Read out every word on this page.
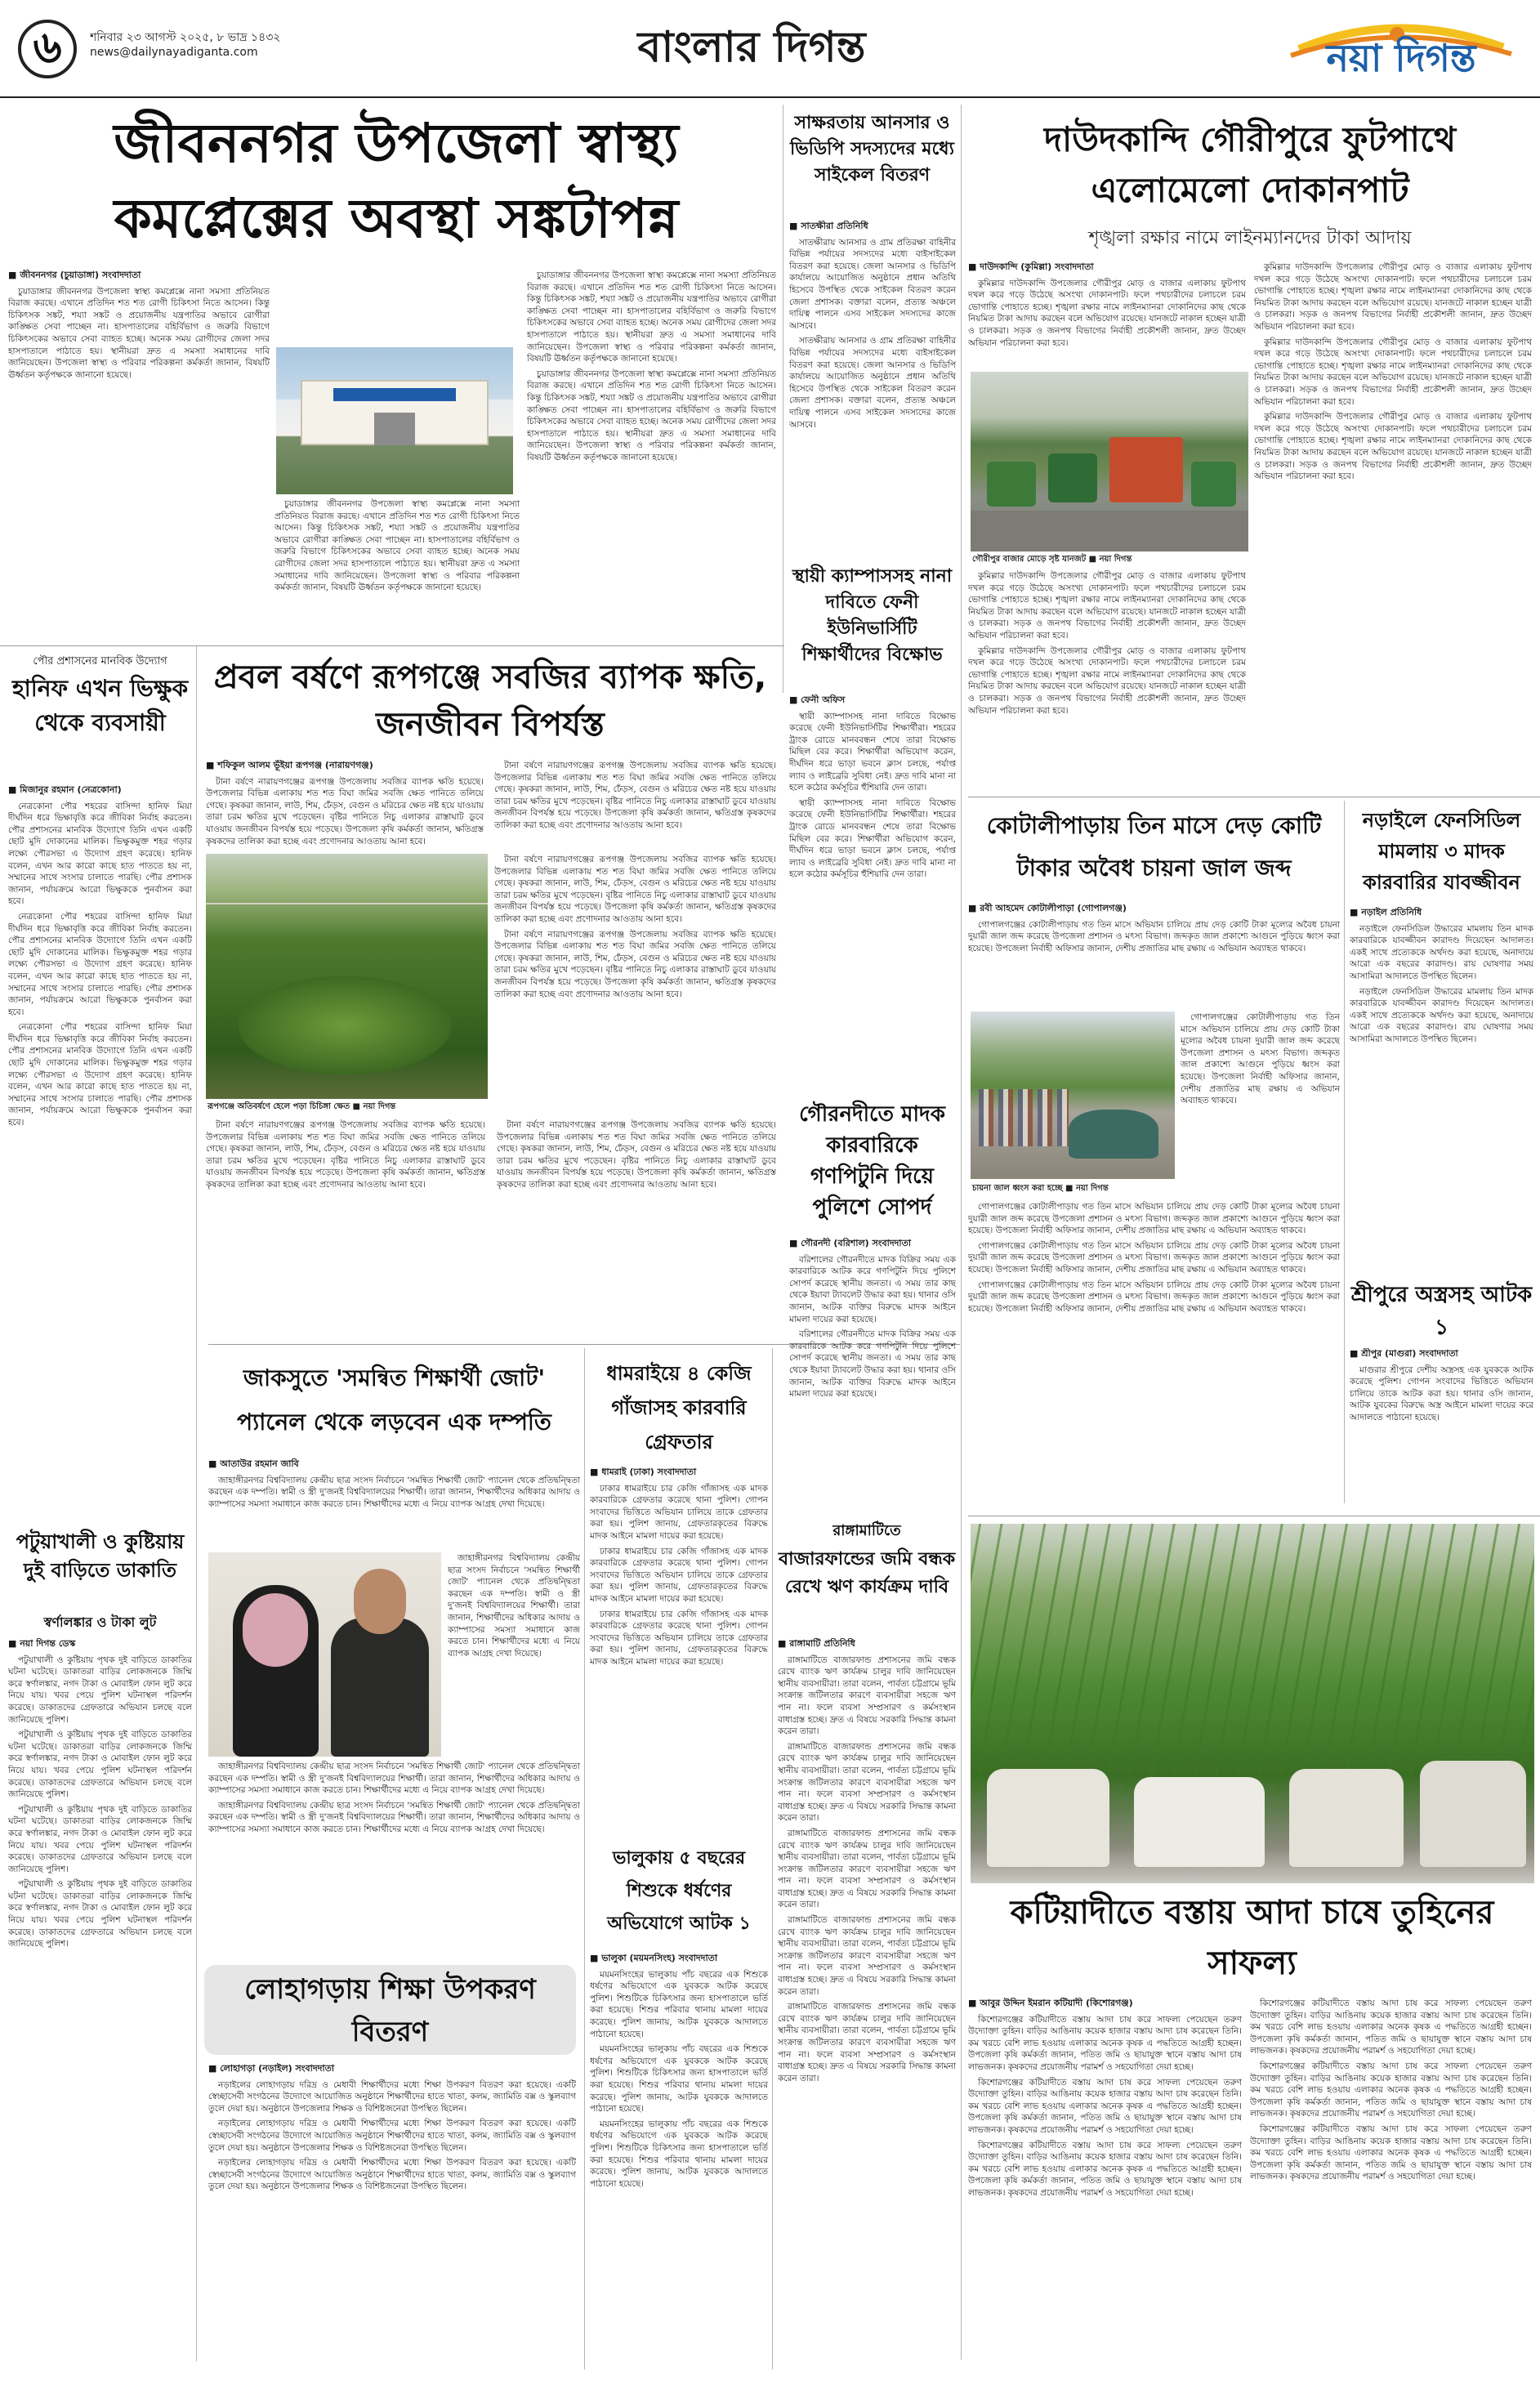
৬	শনিবার ২৩ আগস্ট ২০২৫, ৮ ভাদ্র ১৪৩২
news@dailynayadiganta.com	বাংলার দিগন্ত	নয়া দিগন্ত
জীবননগর উপজেলা স্বাস্থ্য কমপ্লেক্সের অবস্থা সঙ্কটাপন্ন
■ জীবননগর (চুয়াডাঙ্গা) সংবাদদাতা

চুয়াডাঙ্গার জীবননগর উপজেলা স্বাস্থ্য কমপ্লেক্সে নানা সমস্যা প্রতিনিয়ত বিরাজ করছে। এখানে প্রতিদিন শত শত রোগী চিকিৎসা নিতে আসেন। কিন্তু চিকিৎসক সঙ্কট, শয্যা সঙ্কট ও প্রয়োজনীয় যন্ত্রপাতির অভাবে রোগীরা কাঙ্ক্ষিত সেবা পাচ্ছেন না। হাসপাতালের বহির্বিভাগ ও জরুরি বিভাগে চিকিৎসকের অভাবে সেবা ব্যাহত হচ্ছে। অনেক সময় রোগীদের জেলা সদর হাসপাতালে পাঠাতে হয়। স্থানীয়রা দ্রুত এ সমস্যা সমাধানের দাবি জানিয়েছেন। উপজেলা স্বাস্থ্য ও পরিবার পরিকল্পনা কর্মকর্তা জানান, বিষয়টি ঊর্ধ্বতন কর্তৃপক্ষকে জানানো হয়েছে।

চুয়াডাঙ্গার জীবননগর উপজেলা স্বাস্থ্য কমপ্লেক্সে নানা সমস্যা প্রতিনিয়ত বিরাজ করছে। এখানে প্রতিদিন শত শত রোগী চিকিৎসা নিতে আসেন। কিন্তু চিকিৎসক সঙ্কট, শয্যা সঙ্কট ও প্রয়োজনীয় যন্ত্রপাতির অভাবে রোগীরা কাঙ্ক্ষিত সেবা পাচ্ছেন না। হাসপাতালের বহির্বিভাগ ও জরুরি বিভাগে চিকিৎসকের অভাবে সেবা ব্যাহত হচ্ছে। অনেক সময় রোগীদের জেলা সদর হাসপাতালে পাঠাতে হয়। স্থানীয়রা দ্রুত এ সমস্যা সমাধানের দাবি জানিয়েছেন। উপজেলা স্বাস্থ্য ও পরিবার পরিকল্পনা কর্মকর্তা জানান, বিষয়টি ঊর্ধ্বতন কর্তৃপক্ষকে জানানো হয়েছে।

চুয়াডাঙ্গার জীবননগর উপজেলা স্বাস্থ্য কমপ্লেক্সে নানা সমস্যা প্রতিনিয়ত বিরাজ করছে। এখানে প্রতিদিন শত শত রোগী চিকিৎসা নিতে আসেন। কিন্তু চিকিৎসক সঙ্কট, শয্যা সঙ্কট ও প্রয়োজনীয় যন্ত্রপাতির অভাবে রোগীরা কাঙ্ক্ষিত সেবা পাচ্ছেন না। হাসপাতালের বহির্বিভাগ ও জরুরি বিভাগে চিকিৎসকের অভাবে সেবা ব্যাহত হচ্ছে। অনেক সময় রোগীদের জেলা সদর হাসপাতালে পাঠাতে হয়। স্থানীয়রা দ্রুত এ সমস্যা সমাধানের দাবি জানিয়েছেন। উপজেলা স্বাস্থ্য ও পরিবার পরিকল্পনা কর্মকর্তা জানান, বিষয়টি ঊর্ধ্বতন কর্তৃপক্ষকে জানানো হয়েছে।

চুয়াডাঙ্গার জীবননগর উপজেলা স্বাস্থ্য কমপ্লেক্সে নানা সমস্যা প্রতিনিয়ত বিরাজ করছে। এখানে প্রতিদিন শত শত রোগী চিকিৎসা নিতে আসেন। কিন্তু চিকিৎসক সঙ্কট, শয্যা সঙ্কট ও প্রয়োজনীয় যন্ত্রপাতির অভাবে রোগীরা কাঙ্ক্ষিত সেবা পাচ্ছেন না। হাসপাতালের বহির্বিভাগ ও জরুরি বিভাগে চিকিৎসকের অভাবে সেবা ব্যাহত হচ্ছে। অনেক সময় রোগীদের জেলা সদর হাসপাতালে পাঠাতে হয়। স্থানীয়রা দ্রুত এ সমস্যা সমাধানের দাবি জানিয়েছেন। উপজেলা স্বাস্থ্য ও পরিবার পরিকল্পনা কর্মকর্তা জানান, বিষয়টি ঊর্ধ্বতন কর্তৃপক্ষকে জানানো হয়েছে।

সাক্ষরতায় আনসার ও ভিডিপি সদস্যদের মধ্যে সাইকেল বিতরণ
■ সাতক্ষীরা প্রতিনিধি

সাতক্ষীরায় আনসার ও গ্রাম প্রতিরক্ষা বাহিনীর বিভিন্ন পর্যায়ের সদস্যদের মধ্যে বাইসাইকেল বিতরণ করা হয়েছে। জেলা আনসার ও ভিডিপি কার্যালয়ে আয়োজিত অনুষ্ঠানে প্রধান অতিথি হিসেবে উপস্থিত থেকে সাইকেল বিতরণ করেন জেলা প্রশাসক। বক্তারা বলেন, প্রত্যন্ত অঞ্চলে দায়িত্ব পালনে এসব সাইকেল সদস্যদের কাজে আসবে।

সাতক্ষীরায় আনসার ও গ্রাম প্রতিরক্ষা বাহিনীর বিভিন্ন পর্যায়ের সদস্যদের মধ্যে বাইসাইকেল বিতরণ করা হয়েছে। জেলা আনসার ও ভিডিপি কার্যালয়ে আয়োজিত অনুষ্ঠানে প্রধান অতিথি হিসেবে উপস্থিত থেকে সাইকেল বিতরণ করেন জেলা প্রশাসক। বক্তারা বলেন, প্রত্যন্ত অঞ্চলে দায়িত্ব পালনে এসব সাইকেল সদস্যদের কাজে আসবে।

স্থায়ী ক্যাম্পাসসহ নানা দাবিতে ফেনী ইউনিভার্সিটি শিক্ষার্থীদের বিক্ষোভ
■ ফেনী অফিস

স্থায়ী ক্যাম্পাসসহ নানা দাবিতে বিক্ষোভ করেছে ফেনী ইউনিভার্সিটির শিক্ষার্থীরা। শহরের ট্রাংক রোডে মানববন্ধন শেষে তারা বিক্ষোভ মিছিল বের করে। শিক্ষার্থীরা অভিযোগ করেন, দীর্ঘদিন ধরে ভাড়া ভবনে ক্লাস চলছে, পর্যাপ্ত ল্যাব ও লাইব্রেরি সুবিধা নেই। দ্রুত দাবি মানা না হলে কঠোর কর্মসূচির হুঁশিয়ারি দেন তারা।

স্থায়ী ক্যাম্পাসসহ নানা দাবিতে বিক্ষোভ করেছে ফেনী ইউনিভার্সিটির শিক্ষার্থীরা। শহরের ট্রাংক রোডে মানববন্ধন শেষে তারা বিক্ষোভ মিছিল বের করে। শিক্ষার্থীরা অভিযোগ করেন, দীর্ঘদিন ধরে ভাড়া ভবনে ক্লাস চলছে, পর্যাপ্ত ল্যাব ও লাইব্রেরি সুবিধা নেই। দ্রুত দাবি মানা না হলে কঠোর কর্মসূচির হুঁশিয়ারি দেন তারা।

গৌরনদীতে মাদক কারবারিকে গণপিটুনি দিয়ে পুলিশে সোপর্দ
■ গৌরনদী (বরিশাল) সংবাদদাতা

বরিশালের গৌরনদীতে মাদক বিক্রির সময় এক কারবারিকে আটক করে গণপিটুনি দিয়ে পুলিশে সোপর্দ করেছে স্থানীয় জনতা। এ সময় তার কাছ থেকে ইয়াবা ট্যাবলেট উদ্ধার করা হয়। থানার ওসি জানান, আটক ব্যক্তির বিরুদ্ধে মাদক আইনে মামলা দায়ের করা হয়েছে।

বরিশালের গৌরনদীতে মাদক বিক্রির সময় এক কারবারিকে আটক করে গণপিটুনি দিয়ে পুলিশে সোপর্দ করেছে স্থানীয় জনতা। এ সময় তার কাছ থেকে ইয়াবা ট্যাবলেট উদ্ধার করা হয়। থানার ওসি জানান, আটক ব্যক্তির বিরুদ্ধে মাদক আইনে মামলা দায়ের করা হয়েছে।

দাউদকান্দি গৌরীপুরে ফুটপাথে এলোমেলো দোকানপাট
শৃঙ্খলা রক্ষার নামে লাইনম্যানদের টাকা আদায়
■ দাউদকান্দি (কুমিল্লা) সংবাদদাতা

কুমিল্লার দাউদকান্দি উপজেলার গৌরীপুর মোড় ও বাজার এলাকায় ফুটপাথ দখল করে গড়ে উঠেছে অসংখ্য দোকানপাট। ফলে পথচারীদের চলাচলে চরম ভোগান্তি পোহাতে হচ্ছে। শৃঙ্খলা রক্ষার নামে লাইনম্যানরা দোকানিদের কাছ থেকে নিয়মিত টাকা আদায় করছেন বলে অভিযোগ রয়েছে। যানজটে নাকাল হচ্ছেন যাত্রী ও চালকরা। সড়ক ও জনপথ বিভাগের নির্বাহী প্রকৌশলী জানান, দ্রুত উচ্ছেদ অভিযান পরিচালনা করা হবে।

গৌরীপুর বাজার মোড়ে সৃষ্ট যানজট ■ নয়া দিগন্ত

কুমিল্লার দাউদকান্দি উপজেলার গৌরীপুর মোড় ও বাজার এলাকায় ফুটপাথ দখল করে গড়ে উঠেছে অসংখ্য দোকানপাট। ফলে পথচারীদের চলাচলে চরম ভোগান্তি পোহাতে হচ্ছে। শৃঙ্খলা রক্ষার নামে লাইনম্যানরা দোকানিদের কাছ থেকে নিয়মিত টাকা আদায় করছেন বলে অভিযোগ রয়েছে। যানজটে নাকাল হচ্ছেন যাত্রী ও চালকরা। সড়ক ও জনপথ বিভাগের নির্বাহী প্রকৌশলী জানান, দ্রুত উচ্ছেদ অভিযান পরিচালনা করা হবে।

কুমিল্লার দাউদকান্দি উপজেলার গৌরীপুর মোড় ও বাজার এলাকায় ফুটপাথ দখল করে গড়ে উঠেছে অসংখ্য দোকানপাট। ফলে পথচারীদের চলাচলে চরম ভোগান্তি পোহাতে হচ্ছে। শৃঙ্খলা রক্ষার নামে লাইনম্যানরা দোকানিদের কাছ থেকে নিয়মিত টাকা আদায় করছেন বলে অভিযোগ রয়েছে। যানজটে নাকাল হচ্ছেন যাত্রী ও চালকরা। সড়ক ও জনপথ বিভাগের নির্বাহী প্রকৌশলী জানান, দ্রুত উচ্ছেদ অভিযান পরিচালনা করা হবে।

কুমিল্লার দাউদকান্দি উপজেলার গৌরীপুর মোড় ও বাজার এলাকায় ফুটপাথ দখল করে গড়ে উঠেছে অসংখ্য দোকানপাট। ফলে পথচারীদের চলাচলে চরম ভোগান্তি পোহাতে হচ্ছে। শৃঙ্খলা রক্ষার নামে লাইনম্যানরা দোকানিদের কাছ থেকে নিয়মিত টাকা আদায় করছেন বলে অভিযোগ রয়েছে। যানজটে নাকাল হচ্ছেন যাত্রী ও চালকরা। সড়ক ও জনপথ বিভাগের নির্বাহী প্রকৌশলী জানান, দ্রুত উচ্ছেদ অভিযান পরিচালনা করা হবে।

কুমিল্লার দাউদকান্দি উপজেলার গৌরীপুর মোড় ও বাজার এলাকায় ফুটপাথ দখল করে গড়ে উঠেছে অসংখ্য দোকানপাট। ফলে পথচারীদের চলাচলে চরম ভোগান্তি পোহাতে হচ্ছে। শৃঙ্খলা রক্ষার নামে লাইনম্যানরা দোকানিদের কাছ থেকে নিয়মিত টাকা আদায় করছেন বলে অভিযোগ রয়েছে। যানজটে নাকাল হচ্ছেন যাত্রী ও চালকরা। সড়ক ও জনপথ বিভাগের নির্বাহী প্রকৌশলী জানান, দ্রুত উচ্ছেদ অভিযান পরিচালনা করা হবে।

কুমিল্লার দাউদকান্দি উপজেলার গৌরীপুর মোড় ও বাজার এলাকায় ফুটপাথ দখল করে গড়ে উঠেছে অসংখ্য দোকানপাট। ফলে পথচারীদের চলাচলে চরম ভোগান্তি পোহাতে হচ্ছে। শৃঙ্খলা রক্ষার নামে লাইনম্যানরা দোকানিদের কাছ থেকে নিয়মিত টাকা আদায় করছেন বলে অভিযোগ রয়েছে। যানজটে নাকাল হচ্ছেন যাত্রী ও চালকরা। সড়ক ও জনপথ বিভাগের নির্বাহী প্রকৌশলী জানান, দ্রুত উচ্ছেদ অভিযান পরিচালনা করা হবে।

পৌর প্রশাসনের মানবিক উদ্যোগ
হানিফ এখন ভিক্ষুক থেকে ব্যবসায়ী
■ মিজানুর রহমান (নেত্রকোনা)

নেত্রকোনা পৌর শহরের বাসিন্দা হানিফ মিয়া দীর্ঘদিন ধরে ভিক্ষাবৃত্তি করে জীবিকা নির্বাহ করতেন। পৌর প্রশাসনের মানবিক উদ্যোগে তিনি এখন একটি ছোট মুদি দোকানের মালিক। ভিক্ষুকমুক্ত শহর গড়ার লক্ষ্যে পৌরসভা এ উদ্যোগ গ্রহণ করেছে। হানিফ বলেন, এখন আর কারো কাছে হাত পাততে হয় না, সম্মানের সাথে সংসার চালাতে পারছি। পৌর প্রশাসক জানান, পর্যায়ক্রমে আরো ভিক্ষুককে পুনর্বাসন করা হবে।

নেত্রকোনা পৌর শহরের বাসিন্দা হানিফ মিয়া দীর্ঘদিন ধরে ভিক্ষাবৃত্তি করে জীবিকা নির্বাহ করতেন। পৌর প্রশাসনের মানবিক উদ্যোগে তিনি এখন একটি ছোট মুদি দোকানের মালিক। ভিক্ষুকমুক্ত শহর গড়ার লক্ষ্যে পৌরসভা এ উদ্যোগ গ্রহণ করেছে। হানিফ বলেন, এখন আর কারো কাছে হাত পাততে হয় না, সম্মানের সাথে সংসার চালাতে পারছি। পৌর প্রশাসক জানান, পর্যায়ক্রমে আরো ভিক্ষুককে পুনর্বাসন করা হবে।

নেত্রকোনা পৌর শহরের বাসিন্দা হানিফ মিয়া দীর্ঘদিন ধরে ভিক্ষাবৃত্তি করে জীবিকা নির্বাহ করতেন। পৌর প্রশাসনের মানবিক উদ্যোগে তিনি এখন একটি ছোট মুদি দোকানের মালিক। ভিক্ষুকমুক্ত শহর গড়ার লক্ষ্যে পৌরসভা এ উদ্যোগ গ্রহণ করেছে। হানিফ বলেন, এখন আর কারো কাছে হাত পাততে হয় না, সম্মানের সাথে সংসার চালাতে পারছি। পৌর প্রশাসক জানান, পর্যায়ক্রমে আরো ভিক্ষুককে পুনর্বাসন করা হবে।

প্রবল বর্ষণে রূপগঞ্জে সবজির ব্যাপক ক্ষতি, জনজীবন বিপর্যস্ত
■ শফিকুল আলম ভূঁইয়া রূপগঞ্জ (নারায়ণগঞ্জ)

টানা বর্ষণে নারায়ণগঞ্জের রূপগঞ্জ উপজেলায় সবজির ব্যাপক ক্ষতি হয়েছে। উপজেলার বিভিন্ন এলাকায় শত শত বিঘা জমির সবজি ক্ষেত পানিতে তলিয়ে গেছে। কৃষকরা জানান, লাউ, শিম, ঢেঁড়স, বেগুন ও মরিচের ক্ষেত নষ্ট হয়ে যাওয়ায় তারা চরম ক্ষতির মুখে পড়েছেন। বৃষ্টির পানিতে নিচু এলাকার রাস্তাঘাট ডুবে যাওয়ায় জনজীবন বিপর্যস্ত হয়ে পড়েছে। উপজেলা কৃষি কর্মকর্তা জানান, ক্ষতিগ্রস্ত কৃষকদের তালিকা করা হচ্ছে এবং প্রণোদনার আওতায় আনা হবে।

টানা বর্ষণে নারায়ণগঞ্জের রূপগঞ্জ উপজেলায় সবজির ব্যাপক ক্ষতি হয়েছে। উপজেলার বিভিন্ন এলাকায় শত শত বিঘা জমির সবজি ক্ষেত পানিতে তলিয়ে গেছে। কৃষকরা জানান, লাউ, শিম, ঢেঁড়স, বেগুন ও মরিচের ক্ষেত নষ্ট হয়ে যাওয়ায় তারা চরম ক্ষতির মুখে পড়েছেন। বৃষ্টির পানিতে নিচু এলাকার রাস্তাঘাট ডুবে যাওয়ায় জনজীবন বিপর্যস্ত হয়ে পড়েছে। উপজেলা কৃষি কর্মকর্তা জানান, ক্ষতিগ্রস্ত কৃষকদের তালিকা করা হচ্ছে এবং প্রণোদনার আওতায় আনা হবে।

রূপগঞ্জে অতিবর্ষণে হেলে পড়া চিচিঙ্গা ক্ষেত ■ নয়া দিগন্ত

টানা বর্ষণে নারায়ণগঞ্জের রূপগঞ্জ উপজেলায় সবজির ব্যাপক ক্ষতি হয়েছে। উপজেলার বিভিন্ন এলাকায় শত শত বিঘা জমির সবজি ক্ষেত পানিতে তলিয়ে গেছে। কৃষকরা জানান, লাউ, শিম, ঢেঁড়স, বেগুন ও মরিচের ক্ষেত নষ্ট হয়ে যাওয়ায় তারা চরম ক্ষতির মুখে পড়েছেন। বৃষ্টির পানিতে নিচু এলাকার রাস্তাঘাট ডুবে যাওয়ায় জনজীবন বিপর্যস্ত হয়ে পড়েছে। উপজেলা কৃষি কর্মকর্তা জানান, ক্ষতিগ্রস্ত কৃষকদের তালিকা করা হচ্ছে এবং প্রণোদনার আওতায় আনা হবে।

টানা বর্ষণে নারায়ণগঞ্জের রূপগঞ্জ উপজেলায় সবজির ব্যাপক ক্ষতি হয়েছে। উপজেলার বিভিন্ন এলাকায় শত শত বিঘা জমির সবজি ক্ষেত পানিতে তলিয়ে গেছে। কৃষকরা জানান, লাউ, শিম, ঢেঁড়স, বেগুন ও মরিচের ক্ষেত নষ্ট হয়ে যাওয়ায় তারা চরম ক্ষতির মুখে পড়েছেন। বৃষ্টির পানিতে নিচু এলাকার রাস্তাঘাট ডুবে যাওয়ায় জনজীবন বিপর্যস্ত হয়ে পড়েছে। উপজেলা কৃষি কর্মকর্তা জানান, ক্ষতিগ্রস্ত কৃষকদের তালিকা করা হচ্ছে এবং প্রণোদনার আওতায় আনা হবে।

টানা বর্ষণে নারায়ণগঞ্জের রূপগঞ্জ উপজেলায় সবজির ব্যাপক ক্ষতি হয়েছে। উপজেলার বিভিন্ন এলাকায় শত শত বিঘা জমির সবজি ক্ষেত পানিতে তলিয়ে গেছে। কৃষকরা জানান, লাউ, শিম, ঢেঁড়স, বেগুন ও মরিচের ক্ষেত নষ্ট হয়ে যাওয়ায় তারা চরম ক্ষতির মুখে পড়েছেন। বৃষ্টির পানিতে নিচু এলাকার রাস্তাঘাট ডুবে যাওয়ায় জনজীবন বিপর্যস্ত হয়ে পড়েছে। উপজেলা কৃষি কর্মকর্তা জানান, ক্ষতিগ্রস্ত কৃষকদের তালিকা করা হচ্ছে এবং প্রণোদনার আওতায় আনা হবে।

টানা বর্ষণে নারায়ণগঞ্জের রূপগঞ্জ উপজেলায় সবজির ব্যাপক ক্ষতি হয়েছে। উপজেলার বিভিন্ন এলাকায় শত শত বিঘা জমির সবজি ক্ষেত পানিতে তলিয়ে গেছে। কৃষকরা জানান, লাউ, শিম, ঢেঁড়স, বেগুন ও মরিচের ক্ষেত নষ্ট হয়ে যাওয়ায় তারা চরম ক্ষতির মুখে পড়েছেন। বৃষ্টির পানিতে নিচু এলাকার রাস্তাঘাট ডুবে যাওয়ায় জনজীবন বিপর্যস্ত হয়ে পড়েছে। উপজেলা কৃষি কর্মকর্তা জানান, ক্ষতিগ্রস্ত কৃষকদের তালিকা করা হচ্ছে এবং প্রণোদনার আওতায় আনা হবে।

কোটালীপাড়ায় তিন মাসে দেড় কোটি টাকার অবৈধ চায়না জাল জব্দ
■ রবী আহমেদ কোটালীপাড়া (গোপালগঞ্জ)

গোপালগঞ্জের কোটালীপাড়ায় গত তিন মাসে অভিযান চালিয়ে প্রায় দেড় কোটি টাকা মূল্যের অবৈধ চায়না দুয়ারী জাল জব্দ করেছে উপজেলা প্রশাসন ও মৎস্য বিভাগ। জব্দকৃত জাল প্রকাশ্যে আগুনে পুড়িয়ে ধ্বংস করা হয়েছে। উপজেলা নির্বাহী অফিসার জানান, দেশীয় প্রজাতির মাছ রক্ষায় এ অভিযান অব্যাহত থাকবে।

চায়না জাল ধ্বংস করা হচ্ছে ■ নয়া দিগন্ত

গোপালগঞ্জের কোটালীপাড়ায় গত তিন মাসে অভিযান চালিয়ে প্রায় দেড় কোটি টাকা মূল্যের অবৈধ চায়না দুয়ারী জাল জব্দ করেছে উপজেলা প্রশাসন ও মৎস্য বিভাগ। জব্দকৃত জাল প্রকাশ্যে আগুনে পুড়িয়ে ধ্বংস করা হয়েছে। উপজেলা নির্বাহী অফিসার জানান, দেশীয় প্রজাতির মাছ রক্ষায় এ অভিযান অব্যাহত থাকবে।

গোপালগঞ্জের কোটালীপাড়ায় গত তিন মাসে অভিযান চালিয়ে প্রায় দেড় কোটি টাকা মূল্যের অবৈধ চায়না দুয়ারী জাল জব্দ করেছে উপজেলা প্রশাসন ও মৎস্য বিভাগ। জব্দকৃত জাল প্রকাশ্যে আগুনে পুড়িয়ে ধ্বংস করা হয়েছে। উপজেলা নির্বাহী অফিসার জানান, দেশীয় প্রজাতির মাছ রক্ষায় এ অভিযান অব্যাহত থাকবে।

গোপালগঞ্জের কোটালীপাড়ায় গত তিন মাসে অভিযান চালিয়ে প্রায় দেড় কোটি টাকা মূল্যের অবৈধ চায়না দুয়ারী জাল জব্দ করেছে উপজেলা প্রশাসন ও মৎস্য বিভাগ। জব্দকৃত জাল প্রকাশ্যে আগুনে পুড়িয়ে ধ্বংস করা হয়েছে। উপজেলা নির্বাহী অফিসার জানান, দেশীয় প্রজাতির মাছ রক্ষায় এ অভিযান অব্যাহত থাকবে।

গোপালগঞ্জের কোটালীপাড়ায় গত তিন মাসে অভিযান চালিয়ে প্রায় দেড় কোটি টাকা মূল্যের অবৈধ চায়না দুয়ারী জাল জব্দ করেছে উপজেলা প্রশাসন ও মৎস্য বিভাগ। জব্দকৃত জাল প্রকাশ্যে আগুনে পুড়িয়ে ধ্বংস করা হয়েছে। উপজেলা নির্বাহী অফিসার জানান, দেশীয় প্রজাতির মাছ রক্ষায় এ অভিযান অব্যাহত থাকবে।

নড়াইলে ফেনসিডিল মামলায় ৩ মাদক কারবারির যাবজ্জীবন
■ নড়াইল প্রতিনিধি

নড়াইলে ফেনসিডিল উদ্ধারের মামলায় তিন মাদক কারবারিকে যাবজ্জীবন কারাদণ্ড দিয়েছেন আদালত। একই সাথে প্রত্যেককে অর্থদণ্ড করা হয়েছে, অনাদায়ে আরো এক বছরের কারাদণ্ড। রায় ঘোষণার সময় আসামিরা আদালতে উপস্থিত ছিলেন।

নড়াইলে ফেনসিডিল উদ্ধারের মামলায় তিন মাদক কারবারিকে যাবজ্জীবন কারাদণ্ড দিয়েছেন আদালত। একই সাথে প্রত্যেককে অর্থদণ্ড করা হয়েছে, অনাদায়ে আরো এক বছরের কারাদণ্ড। রায় ঘোষণার সময় আসামিরা আদালতে উপস্থিত ছিলেন।

শ্রীপুরে অস্ত্রসহ আটক ১
■ শ্রীপুর (মাগুরা) সংবাদদাতা

মাগুরার শ্রীপুরে দেশীয় অস্ত্রসহ এক যুবককে আটক করেছে পুলিশ। গোপন সংবাদের ভিত্তিতে অভিযান চালিয়ে তাকে আটক করা হয়। থানার ওসি জানান, আটক যুবকের বিরুদ্ধে অস্ত্র আইনে মামলা দায়ের করে আদালতে পাঠানো হয়েছে।

জাকসুতে 'সমন্বিত শিক্ষার্থী জোট' প্যানেল থেকে লড়বেন এক দম্পতি
■ আতাউর রহমান জাবি

জাহাঙ্গীরনগর বিশ্ববিদ্যালয় কেন্দ্রীয় ছাত্র সংসদ নির্বাচনে 'সমন্বিত শিক্ষার্থী জোট' প্যানেল থেকে প্রতিদ্বন্দ্বিতা করছেন এক দম্পতি। স্বামী ও স্ত্রী দু'জনই বিশ্ববিদ্যালয়ের শিক্ষার্থী। তারা জানান, শিক্ষার্থীদের অধিকার আদায় ও ক্যাম্পাসের সমস্যা সমাধানে কাজ করতে চান। শিক্ষার্থীদের মধ্যে এ নিয়ে ব্যাপক আগ্রহ দেখা দিয়েছে।

জাহাঙ্গীরনগর বিশ্ববিদ্যালয় কেন্দ্রীয় ছাত্র সংসদ নির্বাচনে 'সমন্বিত শিক্ষার্থী জোট' প্যানেল থেকে প্রতিদ্বন্দ্বিতা করছেন এক দম্পতি। স্বামী ও স্ত্রী দু'জনই বিশ্ববিদ্যালয়ের শিক্ষার্থী। তারা জানান, শিক্ষার্থীদের অধিকার আদায় ও ক্যাম্পাসের সমস্যা সমাধানে কাজ করতে চান। শিক্ষার্থীদের মধ্যে এ নিয়ে ব্যাপক আগ্রহ দেখা দিয়েছে।

জাহাঙ্গীরনগর বিশ্ববিদ্যালয় কেন্দ্রীয় ছাত্র সংসদ নির্বাচনে 'সমন্বিত শিক্ষার্থী জোট' প্যানেল থেকে প্রতিদ্বন্দ্বিতা করছেন এক দম্পতি। স্বামী ও স্ত্রী দু'জনই বিশ্ববিদ্যালয়ের শিক্ষার্থী। তারা জানান, শিক্ষার্থীদের অধিকার আদায় ও ক্যাম্পাসের সমস্যা সমাধানে কাজ করতে চান। শিক্ষার্থীদের মধ্যে এ নিয়ে ব্যাপক আগ্রহ দেখা দিয়েছে।

জাহাঙ্গীরনগর বিশ্ববিদ্যালয় কেন্দ্রীয় ছাত্র সংসদ নির্বাচনে 'সমন্বিত শিক্ষার্থী জোট' প্যানেল থেকে প্রতিদ্বন্দ্বিতা করছেন এক দম্পতি। স্বামী ও স্ত্রী দু'জনই বিশ্ববিদ্যালয়ের শিক্ষার্থী। তারা জানান, শিক্ষার্থীদের অধিকার আদায় ও ক্যাম্পাসের সমস্যা সমাধানে কাজ করতে চান। শিক্ষার্থীদের মধ্যে এ নিয়ে ব্যাপক আগ্রহ দেখা দিয়েছে।

ধামরাইয়ে ৪ কেজি গাঁজাসহ কারবারি গ্রেফতার
■ ধামরাই (ঢাকা) সংবাদদাতা

ঢাকার ধামরাইয়ে চার কেজি গাঁজাসহ এক মাদক কারবারিকে গ্রেফতার করেছে থানা পুলিশ। গোপন সংবাদের ভিত্তিতে অভিযান চালিয়ে তাকে গ্রেফতার করা হয়। পুলিশ জানায়, গ্রেফতারকৃতের বিরুদ্ধে মাদক আইনে মামলা দায়ের করা হয়েছে।

ঢাকার ধামরাইয়ে চার কেজি গাঁজাসহ এক মাদক কারবারিকে গ্রেফতার করেছে থানা পুলিশ। গোপন সংবাদের ভিত্তিতে অভিযান চালিয়ে তাকে গ্রেফতার করা হয়। পুলিশ জানায়, গ্রেফতারকৃতের বিরুদ্ধে মাদক আইনে মামলা দায়ের করা হয়েছে।

ঢাকার ধামরাইয়ে চার কেজি গাঁজাসহ এক মাদক কারবারিকে গ্রেফতার করেছে থানা পুলিশ। গোপন সংবাদের ভিত্তিতে অভিযান চালিয়ে তাকে গ্রেফতার করা হয়। পুলিশ জানায়, গ্রেফতারকৃতের বিরুদ্ধে মাদক আইনে মামলা দায়ের করা হয়েছে।

ভালুকায় ৫ বছরের শিশুকে ধর্ষণের অভিযোগে আটক ১
■ ভালুকা (ময়মনসিংহ) সংবাদদাতা

ময়মনসিংহের ভালুকায় পাঁচ বছরের এক শিশুকে ধর্ষণের অভিযোগে এক যুবককে আটক করেছে পুলিশ। শিশুটিকে চিকিৎসার জন্য হাসপাতালে ভর্তি করা হয়েছে। শিশুর পরিবার থানায় মামলা দায়ের করেছে। পুলিশ জানায়, আটক যুবককে আদালতে পাঠানো হয়েছে।

ময়মনসিংহের ভালুকায় পাঁচ বছরের এক শিশুকে ধর্ষণের অভিযোগে এক যুবককে আটক করেছে পুলিশ। শিশুটিকে চিকিৎসার জন্য হাসপাতালে ভর্তি করা হয়েছে। শিশুর পরিবার থানায় মামলা দায়ের করেছে। পুলিশ জানায়, আটক যুবককে আদালতে পাঠানো হয়েছে।

ময়মনসিংহের ভালুকায় পাঁচ বছরের এক শিশুকে ধর্ষণের অভিযোগে এক যুবককে আটক করেছে পুলিশ। শিশুটিকে চিকিৎসার জন্য হাসপাতালে ভর্তি করা হয়েছে। শিশুর পরিবার থানায় মামলা দায়ের করেছে। পুলিশ জানায়, আটক যুবককে আদালতে পাঠানো হয়েছে।

পটুয়াখালী ও কুষ্টিয়ায় দুই বাড়িতে ডাকাতি
স্বর্ণালঙ্কার ও টাকা লুট
■ নয়া দিগন্ত ডেস্ক

পটুয়াখালী ও কুষ্টিয়ায় পৃথক দুই বাড়িতে ডাকাতির ঘটনা ঘটেছে। ডাকাতরা বাড়ির লোকজনকে জিম্মি করে স্বর্ণালঙ্কার, নগদ টাকা ও মোবাইল ফোন লুট করে নিয়ে যায়। খবর পেয়ে পুলিশ ঘটনাস্থল পরিদর্শন করেছে। ডাকাতদের গ্রেফতারে অভিযান চলছে বলে জানিয়েছে পুলিশ।

পটুয়াখালী ও কুষ্টিয়ায় পৃথক দুই বাড়িতে ডাকাতির ঘটনা ঘটেছে। ডাকাতরা বাড়ির লোকজনকে জিম্মি করে স্বর্ণালঙ্কার, নগদ টাকা ও মোবাইল ফোন লুট করে নিয়ে যায়। খবর পেয়ে পুলিশ ঘটনাস্থল পরিদর্শন করেছে। ডাকাতদের গ্রেফতারে অভিযান চলছে বলে জানিয়েছে পুলিশ।

পটুয়াখালী ও কুষ্টিয়ায় পৃথক দুই বাড়িতে ডাকাতির ঘটনা ঘটেছে। ডাকাতরা বাড়ির লোকজনকে জিম্মি করে স্বর্ণালঙ্কার, নগদ টাকা ও মোবাইল ফোন লুট করে নিয়ে যায়। খবর পেয়ে পুলিশ ঘটনাস্থল পরিদর্শন করেছে। ডাকাতদের গ্রেফতারে অভিযান চলছে বলে জানিয়েছে পুলিশ।

পটুয়াখালী ও কুষ্টিয়ায় পৃথক দুই বাড়িতে ডাকাতির ঘটনা ঘটেছে। ডাকাতরা বাড়ির লোকজনকে জিম্মি করে স্বর্ণালঙ্কার, নগদ টাকা ও মোবাইল ফোন লুট করে নিয়ে যায়। খবর পেয়ে পুলিশ ঘটনাস্থল পরিদর্শন করেছে। ডাকাতদের গ্রেফতারে অভিযান চলছে বলে জানিয়েছে পুলিশ।

লোহাগড়ায় শিক্ষা উপকরণ বিতরণ
■ লোহাগড়া (নড়াইল) সংবাদদাতা

নড়াইলের লোহাগড়ায় দরিদ্র ও মেধাবী শিক্ষার্থীদের মধ্যে শিক্ষা উপকরণ বিতরণ করা হয়েছে। একটি স্বেচ্ছাসেবী সংগঠনের উদ্যোগে আয়োজিত অনুষ্ঠানে শিক্ষার্থীদের হাতে খাতা, কলম, জ্যামিতি বক্স ও স্কুলব্যাগ তুলে দেয়া হয়। অনুষ্ঠানে উপজেলার শিক্ষক ও বিশিষ্টজনেরা উপস্থিত ছিলেন।

নড়াইলের লোহাগড়ায় দরিদ্র ও মেধাবী শিক্ষার্থীদের মধ্যে শিক্ষা উপকরণ বিতরণ করা হয়েছে। একটি স্বেচ্ছাসেবী সংগঠনের উদ্যোগে আয়োজিত অনুষ্ঠানে শিক্ষার্থীদের হাতে খাতা, কলম, জ্যামিতি বক্স ও স্কুলব্যাগ তুলে দেয়া হয়। অনুষ্ঠানে উপজেলার শিক্ষক ও বিশিষ্টজনেরা উপস্থিত ছিলেন।

নড়াইলের লোহাগড়ায় দরিদ্র ও মেধাবী শিক্ষার্থীদের মধ্যে শিক্ষা উপকরণ বিতরণ করা হয়েছে। একটি স্বেচ্ছাসেবী সংগঠনের উদ্যোগে আয়োজিত অনুষ্ঠানে শিক্ষার্থীদের হাতে খাতা, কলম, জ্যামিতি বক্স ও স্কুলব্যাগ তুলে দেয়া হয়। অনুষ্ঠানে উপজেলার শিক্ষক ও বিশিষ্টজনেরা উপস্থিত ছিলেন।

রাঙ্গামাটিতে
বাজারফান্ডের জমি বন্ধক রেখে ঋণ কার্যক্রম দাবি
■ রাঙ্গামাটি প্রতিনিধি

রাঙ্গামাটিতে বাজারফান্ড প্রশাসনের জমি বন্ধক রেখে ব্যাংক ঋণ কার্যক্রম চালুর দাবি জানিয়েছেন স্থানীয় ব্যবসায়ীরা। তারা বলেন, পার্বত্য চট্টগ্রামে ভূমি সংক্রান্ত জটিলতার কারণে ব্যবসায়ীরা সহজে ঋণ পান না। ফলে ব্যবসা সম্প্রসারণ ও কর্মসংস্থান বাধাগ্রস্ত হচ্ছে। দ্রুত এ বিষয়ে সরকারি সিদ্ধান্ত কামনা করেন তারা।

রাঙ্গামাটিতে বাজারফান্ড প্রশাসনের জমি বন্ধক রেখে ব্যাংক ঋণ কার্যক্রম চালুর দাবি জানিয়েছেন স্থানীয় ব্যবসায়ীরা। তারা বলেন, পার্বত্য চট্টগ্রামে ভূমি সংক্রান্ত জটিলতার কারণে ব্যবসায়ীরা সহজে ঋণ পান না। ফলে ব্যবসা সম্প্রসারণ ও কর্মসংস্থান বাধাগ্রস্ত হচ্ছে। দ্রুত এ বিষয়ে সরকারি সিদ্ধান্ত কামনা করেন তারা।

রাঙ্গামাটিতে বাজারফান্ড প্রশাসনের জমি বন্ধক রেখে ব্যাংক ঋণ কার্যক্রম চালুর দাবি জানিয়েছেন স্থানীয় ব্যবসায়ীরা। তারা বলেন, পার্বত্য চট্টগ্রামে ভূমি সংক্রান্ত জটিলতার কারণে ব্যবসায়ীরা সহজে ঋণ পান না। ফলে ব্যবসা সম্প্রসারণ ও কর্মসংস্থান বাধাগ্রস্ত হচ্ছে। দ্রুত এ বিষয়ে সরকারি সিদ্ধান্ত কামনা করেন তারা।

রাঙ্গামাটিতে বাজারফান্ড প্রশাসনের জমি বন্ধক রেখে ব্যাংক ঋণ কার্যক্রম চালুর দাবি জানিয়েছেন স্থানীয় ব্যবসায়ীরা। তারা বলেন, পার্বত্য চট্টগ্রামে ভূমি সংক্রান্ত জটিলতার কারণে ব্যবসায়ীরা সহজে ঋণ পান না। ফলে ব্যবসা সম্প্রসারণ ও কর্মসংস্থান বাধাগ্রস্ত হচ্ছে। দ্রুত এ বিষয়ে সরকারি সিদ্ধান্ত কামনা করেন তারা।

রাঙ্গামাটিতে বাজারফান্ড প্রশাসনের জমি বন্ধক রেখে ব্যাংক ঋণ কার্যক্রম চালুর দাবি জানিয়েছেন স্থানীয় ব্যবসায়ীরা। তারা বলেন, পার্বত্য চট্টগ্রামে ভূমি সংক্রান্ত জটিলতার কারণে ব্যবসায়ীরা সহজে ঋণ পান না। ফলে ব্যবসা সম্প্রসারণ ও কর্মসংস্থান বাধাগ্রস্ত হচ্ছে। দ্রুত এ বিষয়ে সরকারি সিদ্ধান্ত কামনা করেন তারা।

কটিয়াদীতে বস্তায় আদা চাষে তুহিনের সাফল্য
■ আবুর উদ্দিন ইমরান কটিয়াদী (কিশোরগঞ্জ)

কিশোরগঞ্জের কটিয়াদীতে বস্তায় আদা চাষ করে সাফল্য পেয়েছেন তরুণ উদ্যোক্তা তুহিন। বাড়ির আঙিনায় কয়েক হাজার বস্তায় আদা চাষ করেছেন তিনি। কম খরচে বেশি লাভ হওয়ায় এলাকার অনেক কৃষক এ পদ্ধতিতে আগ্রহী হচ্ছেন। উপজেলা কৃষি কর্মকর্তা জানান, পতিত জমি ও ছায়াযুক্ত স্থানে বস্তায় আদা চাষ লাভজনক। কৃষকদের প্রয়োজনীয় পরামর্শ ও সহযোগিতা দেয়া হচ্ছে।

কিশোরগঞ্জের কটিয়াদীতে বস্তায় আদা চাষ করে সাফল্য পেয়েছেন তরুণ উদ্যোক্তা তুহিন। বাড়ির আঙিনায় কয়েক হাজার বস্তায় আদা চাষ করেছেন তিনি। কম খরচে বেশি লাভ হওয়ায় এলাকার অনেক কৃষক এ পদ্ধতিতে আগ্রহী হচ্ছেন। উপজেলা কৃষি কর্মকর্তা জানান, পতিত জমি ও ছায়াযুক্ত স্থানে বস্তায় আদা চাষ লাভজনক। কৃষকদের প্রয়োজনীয় পরামর্শ ও সহযোগিতা দেয়া হচ্ছে।

কিশোরগঞ্জের কটিয়াদীতে বস্তায় আদা চাষ করে সাফল্য পেয়েছেন তরুণ উদ্যোক্তা তুহিন। বাড়ির আঙিনায় কয়েক হাজার বস্তায় আদা চাষ করেছেন তিনি। কম খরচে বেশি লাভ হওয়ায় এলাকার অনেক কৃষক এ পদ্ধতিতে আগ্রহী হচ্ছেন। উপজেলা কৃষি কর্মকর্তা জানান, পতিত জমি ও ছায়াযুক্ত স্থানে বস্তায় আদা চাষ লাভজনক। কৃষকদের প্রয়োজনীয় পরামর্শ ও সহযোগিতা দেয়া হচ্ছে।

কিশোরগঞ্জের কটিয়াদীতে বস্তায় আদা চাষ করে সাফল্য পেয়েছেন তরুণ উদ্যোক্তা তুহিন। বাড়ির আঙিনায় কয়েক হাজার বস্তায় আদা চাষ করেছেন তিনি। কম খরচে বেশি লাভ হওয়ায় এলাকার অনেক কৃষক এ পদ্ধতিতে আগ্রহী হচ্ছেন। উপজেলা কৃষি কর্মকর্তা জানান, পতিত জমি ও ছায়াযুক্ত স্থানে বস্তায় আদা চাষ লাভজনক। কৃষকদের প্রয়োজনীয় পরামর্শ ও সহযোগিতা দেয়া হচ্ছে।

কিশোরগঞ্জের কটিয়াদীতে বস্তায় আদা চাষ করে সাফল্য পেয়েছেন তরুণ উদ্যোক্তা তুহিন। বাড়ির আঙিনায় কয়েক হাজার বস্তায় আদা চাষ করেছেন তিনি। কম খরচে বেশি লাভ হওয়ায় এলাকার অনেক কৃষক এ পদ্ধতিতে আগ্রহী হচ্ছেন। উপজেলা কৃষি কর্মকর্তা জানান, পতিত জমি ও ছায়াযুক্ত স্থানে বস্তায় আদা চাষ লাভজনক। কৃষকদের প্রয়োজনীয় পরামর্শ ও সহযোগিতা দেয়া হচ্ছে।

কিশোরগঞ্জের কটিয়াদীতে বস্তায় আদা চাষ করে সাফল্য পেয়েছেন তরুণ উদ্যোক্তা তুহিন। বাড়ির আঙিনায় কয়েক হাজার বস্তায় আদা চাষ করেছেন তিনি। কম খরচে বেশি লাভ হওয়ায় এলাকার অনেক কৃষক এ পদ্ধতিতে আগ্রহী হচ্ছেন। উপজেলা কৃষি কর্মকর্তা জানান, পতিত জমি ও ছায়াযুক্ত স্থানে বস্তায় আদা চাষ লাভজনক। কৃষকদের প্রয়োজনীয় পরামর্শ ও সহযোগিতা দেয়া হচ্ছে।
